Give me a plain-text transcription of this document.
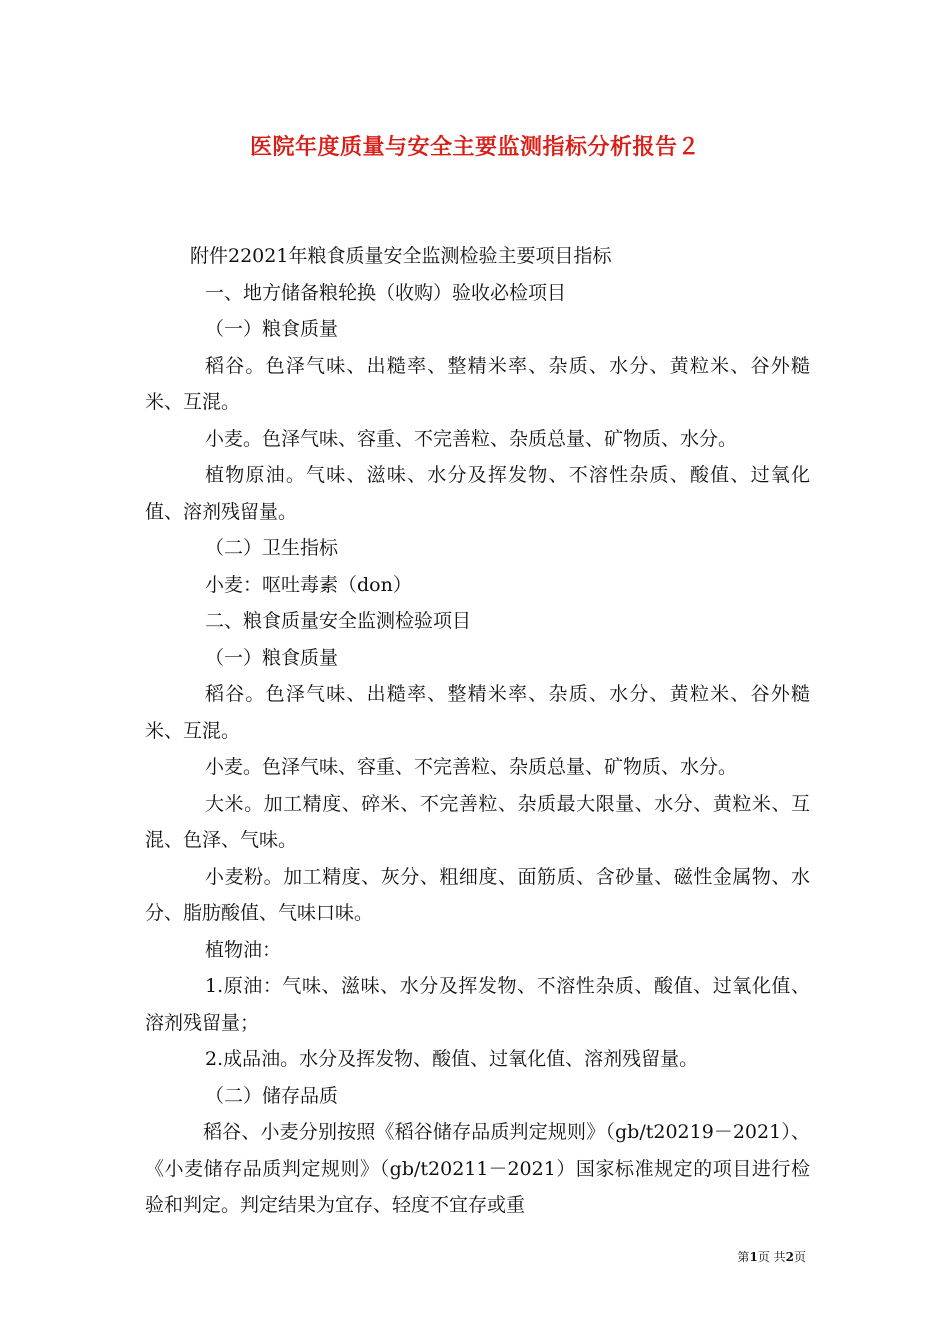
医院年度质量与安全主要监测指标分析报告２

附件22021年粮食质量安全监测检验主要项目指标

一、地方储备粮轮换（收购）验收必检项目

（一）粮食质量

稻谷。色泽气味、出糙率、整精米率、杂质、水分、黄粒米、谷外糙米、互混。

小麦。色泽气味、容重、不完善粒、杂质总量、矿物质、水分。

植物原油。气味、滋味、水分及挥发物、不溶性杂质、酸值、过氧化值、溶剂残留量。

（二）卫生指标

小麦：呕吐毒素（don）

二、粮食质量安全监测检验项目

（一）粮食质量

稻谷。色泽气味、出糙率、整精米率、杂质、水分、黄粒米、谷外糙米、互混。

小麦。色泽气味、容重、不完善粒、杂质总量、矿物质、水分。

大米。加工精度、碎米、不完善粒、杂质最大限量、水分、黄粒米、互混、色泽、气味。

小麦粉。加工精度、灰分、粗细度、面筋质、含砂量、磁性金属物、水分、脂肪酸值、气味口味。

植物油：

1.原油：气味、滋味、水分及挥发物、不溶性杂质、酸值、过氧化值、溶剂残留量；

2.成品油。水分及挥发物、酸值、过氧化值、溶剂残留量。

（二）储存品质

稻谷、小麦分别按照《稻谷储存品质判定规则》（gb/t20219－2021）、《小麦储存品质判定规则》（gb/t20211－2021）国家标准规定的项目进行检验和判定。判定结果为宜存、轻度不宜存或重

第1页 共2页
